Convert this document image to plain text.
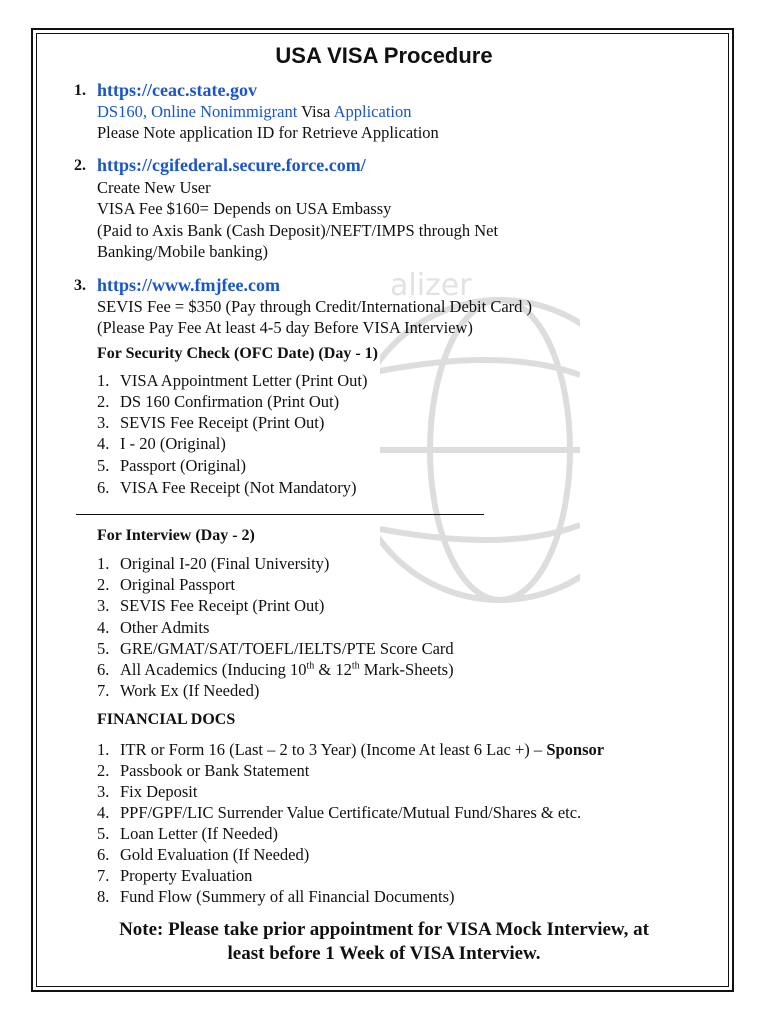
alizer
USA VISA Procedure
1. https://ceac.state.gov
DS160, Online Nonimmigrant Visa Application
Please Note application ID for Retrieve Application
2. https://cgifederal.secure.force.com/
Create New User
VISA Fee $160= Depends on USA Embassy
(Paid to Axis Bank (Cash Deposit)/NEFT/IMPS through Net
Banking/Mobile banking)
3. https://www.fmjfee.com
SEVIS Fee = $350 (Pay through Credit/International Debit Card )
(Please Pay Fee At least 4-5 day Before VISA Interview)
For Security Check (OFC Date) (Day - 1)
1. VISA Appointment Letter (Print Out)
2. DS 160 Confirmation (Print Out)
3. SEVIS Fee Receipt (Print Out)
4. I - 20 (Original)
5. Passport (Original)
6. VISA Fee Receipt (Not Mandatory)
For Interview (Day - 2)
1. Original I-20 (Final University)
2. Original Passport
3. SEVIS Fee Receipt (Print Out)
4. Other Admits
5. GRE/GMAT/SAT/TOEFL/IELTS/PTE Score Card
6. All Academics (Inducing 10th & 12th Mark-Sheets)
7. Work Ex (If Needed)
FINANCIAL DOCS
1. ITR or Form 16 (Last – 2 to 3 Year) (Income At least 6 Lac +) – Sponsor
2. Passbook or Bank Statement
3. Fix Deposit
4. PPF/GPF/LIC Surrender Value Certificate/Mutual Fund/Shares & etc.
5. Loan Letter (If Needed)
6. Gold Evaluation (If Needed)
7. Property Evaluation
8. Fund Flow (Summery of all Financial Documents)
Note: Please take prior appointment for VISA Mock Interview, at
least before 1 Week of VISA Interview.
